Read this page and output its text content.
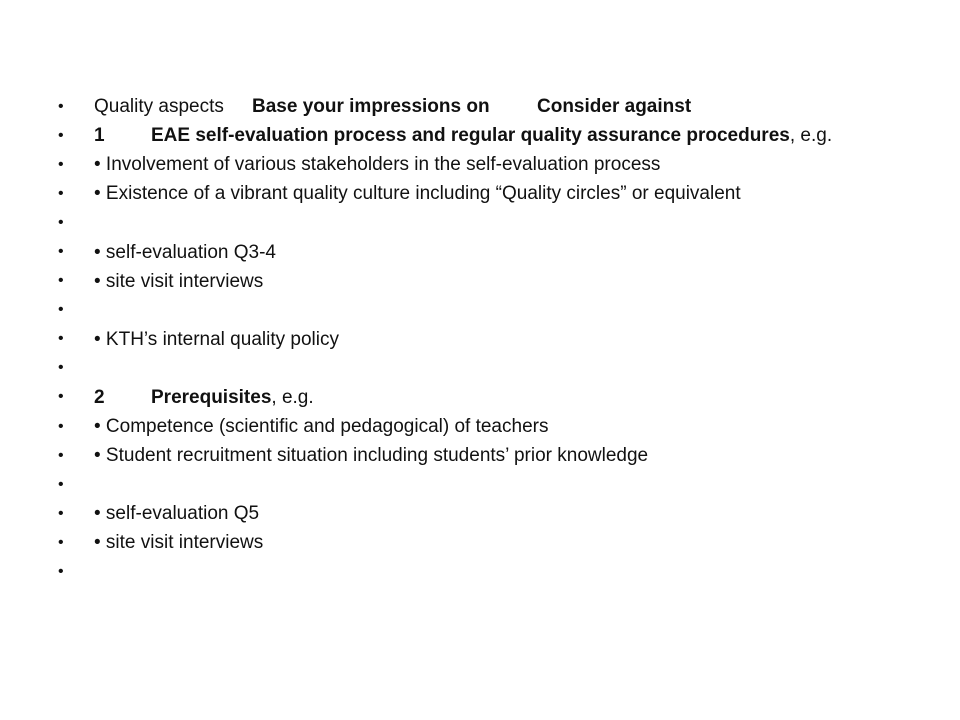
•	Quality aspects	Base your impressions on	Consider against
•	1	EAE self-evaluation process and regular quality assurance procedures , e.g.
•	• Involvement of various stakeholders in the self-evaluation process
•	• Existence of a vibrant quality culture including “Quality circles” or equivalent
•
•	• self-evaluation Q3-4
•	• site visit interviews
•
•	• KTH’s internal quality policy
•
•	2	Prerequisites , e.g.
•	• Competence (scientific and pedagogical) of teachers
•	• Student recruitment situation including students’ prior knowledge
•
•	• self-evaluation Q5
•	• site visit interviews
•
